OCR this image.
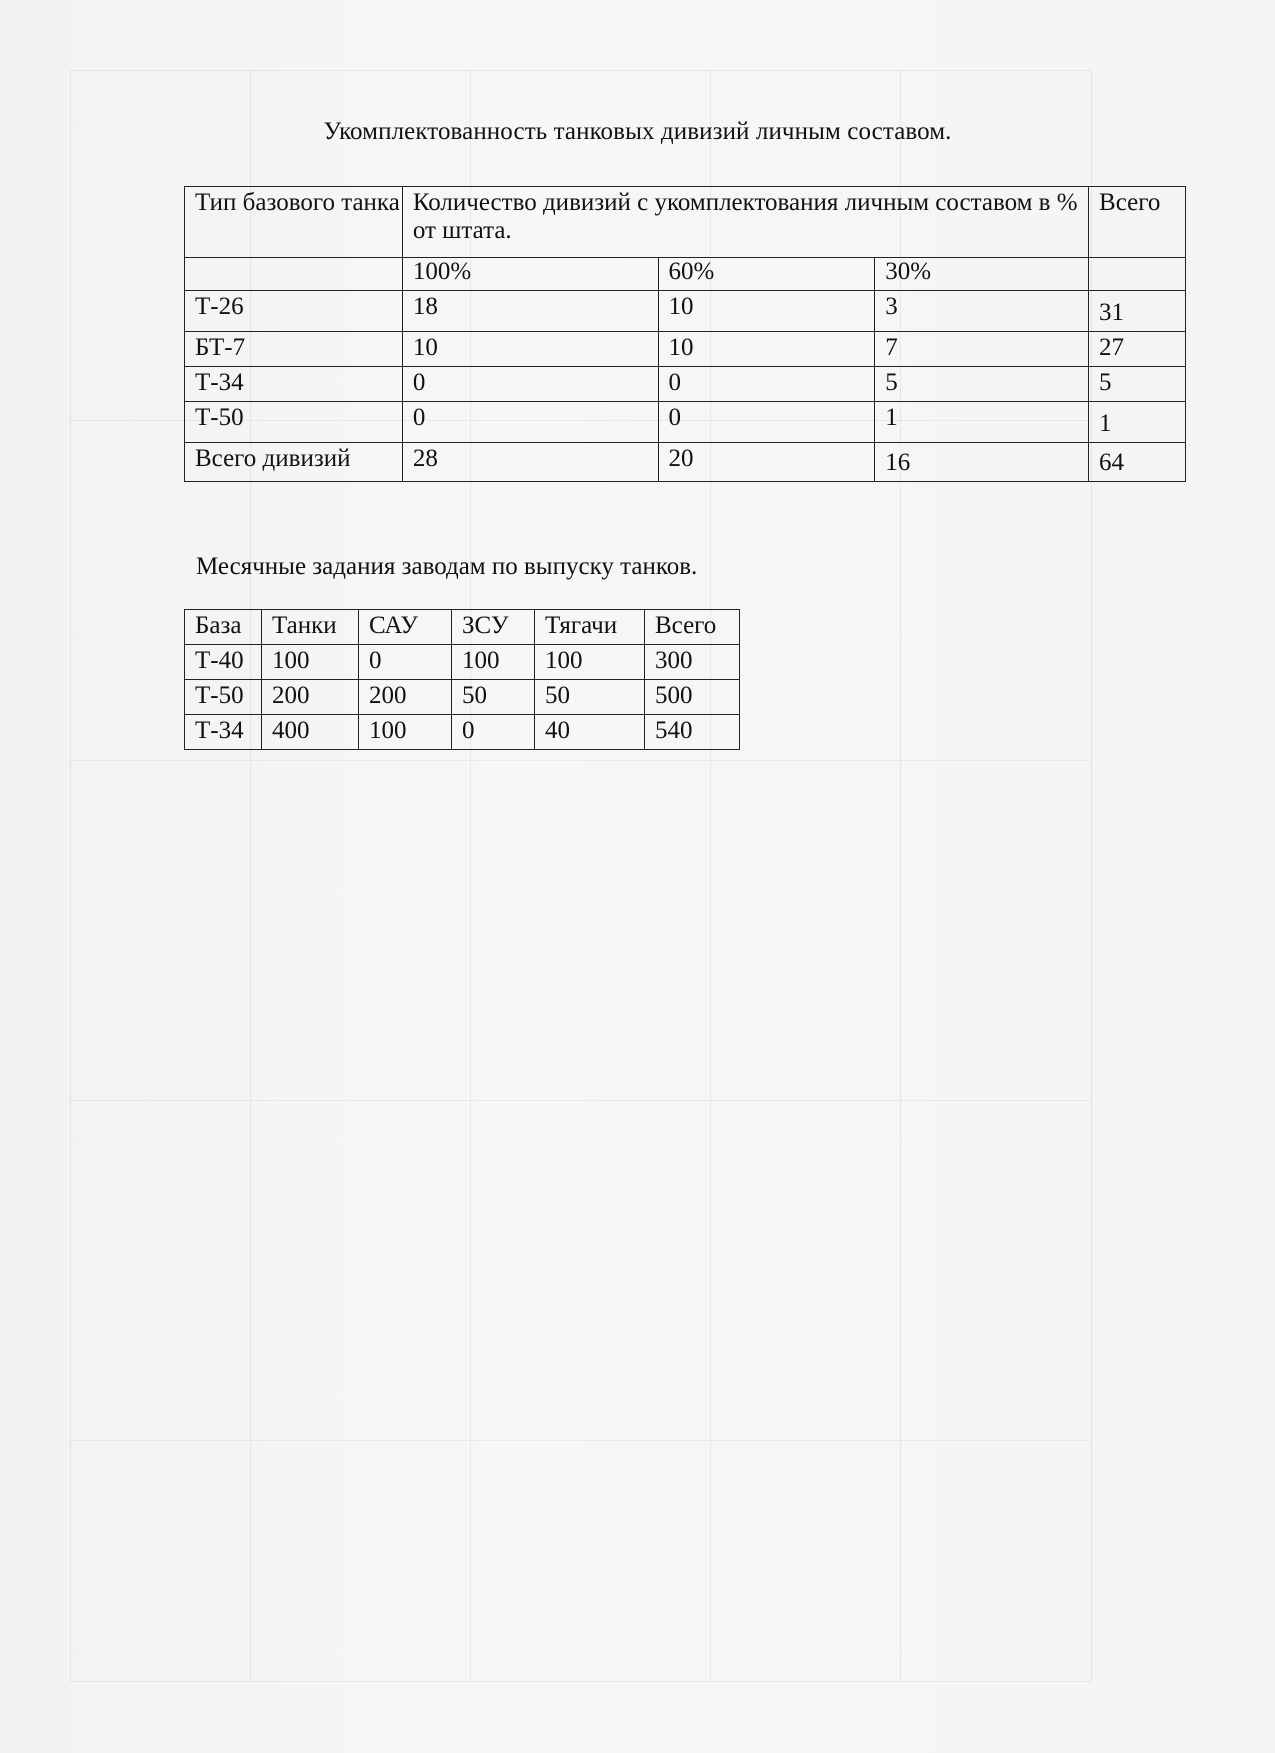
Укомплектованность танковых дивизий личным составом.
Тип базового танка	Количество дивизий с укомплектования личным составом в % от штата.			Всего
	100%	60%	30%	
Т-26	18	10	3	31
БТ-7	10	10	7	27
Т-34	0	0	5	5
Т-50	0	0	1	1
Всего дивизий	28	20	16	64
Месячные задания заводам по выпуску танков.
База	Танки	САУ	ЗСУ	Тягачи	Всего
Т-40	100	0	100	100	300
Т-50	200	200	50	50	500
Т-34	400	100	0	40	540
